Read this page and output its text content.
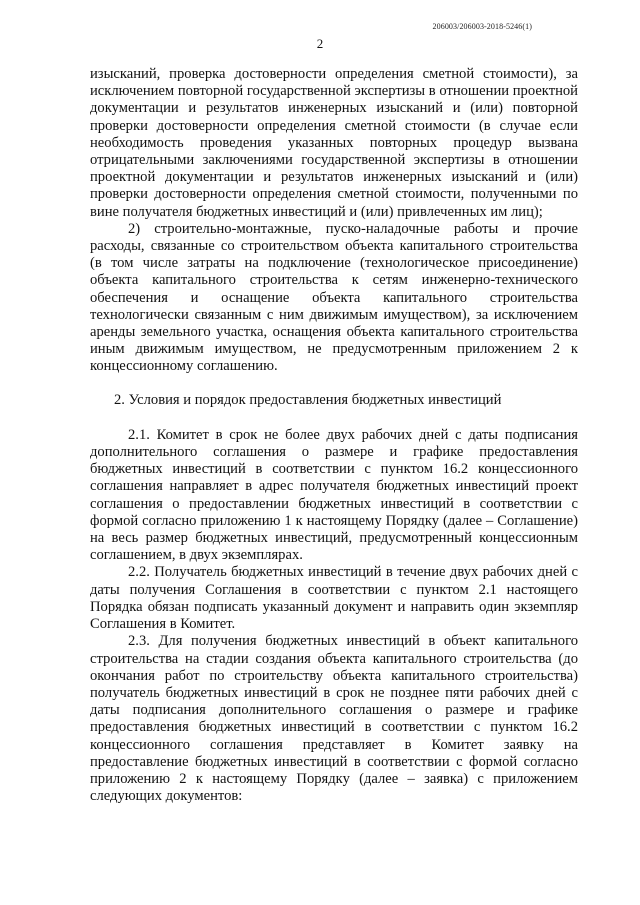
206003/206003-2018-5246(1)
2

изысканий, проверка достоверности определения сметной стоимости), за исключением повторной государственной экспертизы в отношении проектной документации и результатов инженерных изысканий и (или) повторной проверки достоверности определения сметной стоимости (в случае если необходимость проведения указанных повторных процедур вызвана отрицательными заключениями государственной экспертизы в отношении проектной документации и результатов инженерных изысканий и (или) проверки достоверности определения сметной стоимости, полученными по вине получателя бюджетных инвестиций и (или) привлеченных им лиц);

2) строительно-монтажные, пуско-наладочные работы и прочие расходы, связанные со строительством объекта капитального строительства (в том числе затраты на подключение (технологическое присоединение) объекта капитального строительства к сетям инженерно-технического обеспечения и оснащение объекта капитального строительства технологически связанным с ним движимым имуществом), за исключением аренды земельного участка, оснащения объекта капитального строительства иным движимым имуществом, не предусмотренным приложением 2 к концессионному соглашению.

2. Условия и порядок предоставления бюджетных инвестиций

2.1. Комитет в срок не более двух рабочих дней с даты подписания дополнительного соглашения о размере и графике предоставления бюджетных инвестиций в соответствии с пунктом 16.2 концессионного соглашения направляет в адрес получателя бюджетных инвестиций проект соглашения о предоставлении бюджетных инвестиций в соответствии с формой согласно приложению 1 к настоящему Порядку (далее – Соглашение) на весь размер бюджетных инвестиций, предусмотренный концессионным соглашением, в двух экземплярах.

2.2. Получатель бюджетных инвестиций в течение двух рабочих дней с даты получения Соглашения в соответствии с пунктом 2.1 настоящего Порядка обязан подписать указанный документ и направить один экземпляр Соглашения в Комитет.

2.3. Для получения бюджетных инвестиций в объект капитального строительства на стадии создания объекта капитального строительства (до окончания работ по строительству объекта капитального строительства) получатель бюджетных инвестиций в срок не позднее пяти рабочих дней с даты подписания дополнительного соглашения о размере и графике предоставления бюджетных инвестиций в соответствии с пунктом 16.2 концессионного соглашения представляет в Комитет заявку на предоставление бюджетных инвестиций в соответствии с формой согласно приложению 2 к настоящему Порядку (далее – заявка) с приложением следующих документов:
